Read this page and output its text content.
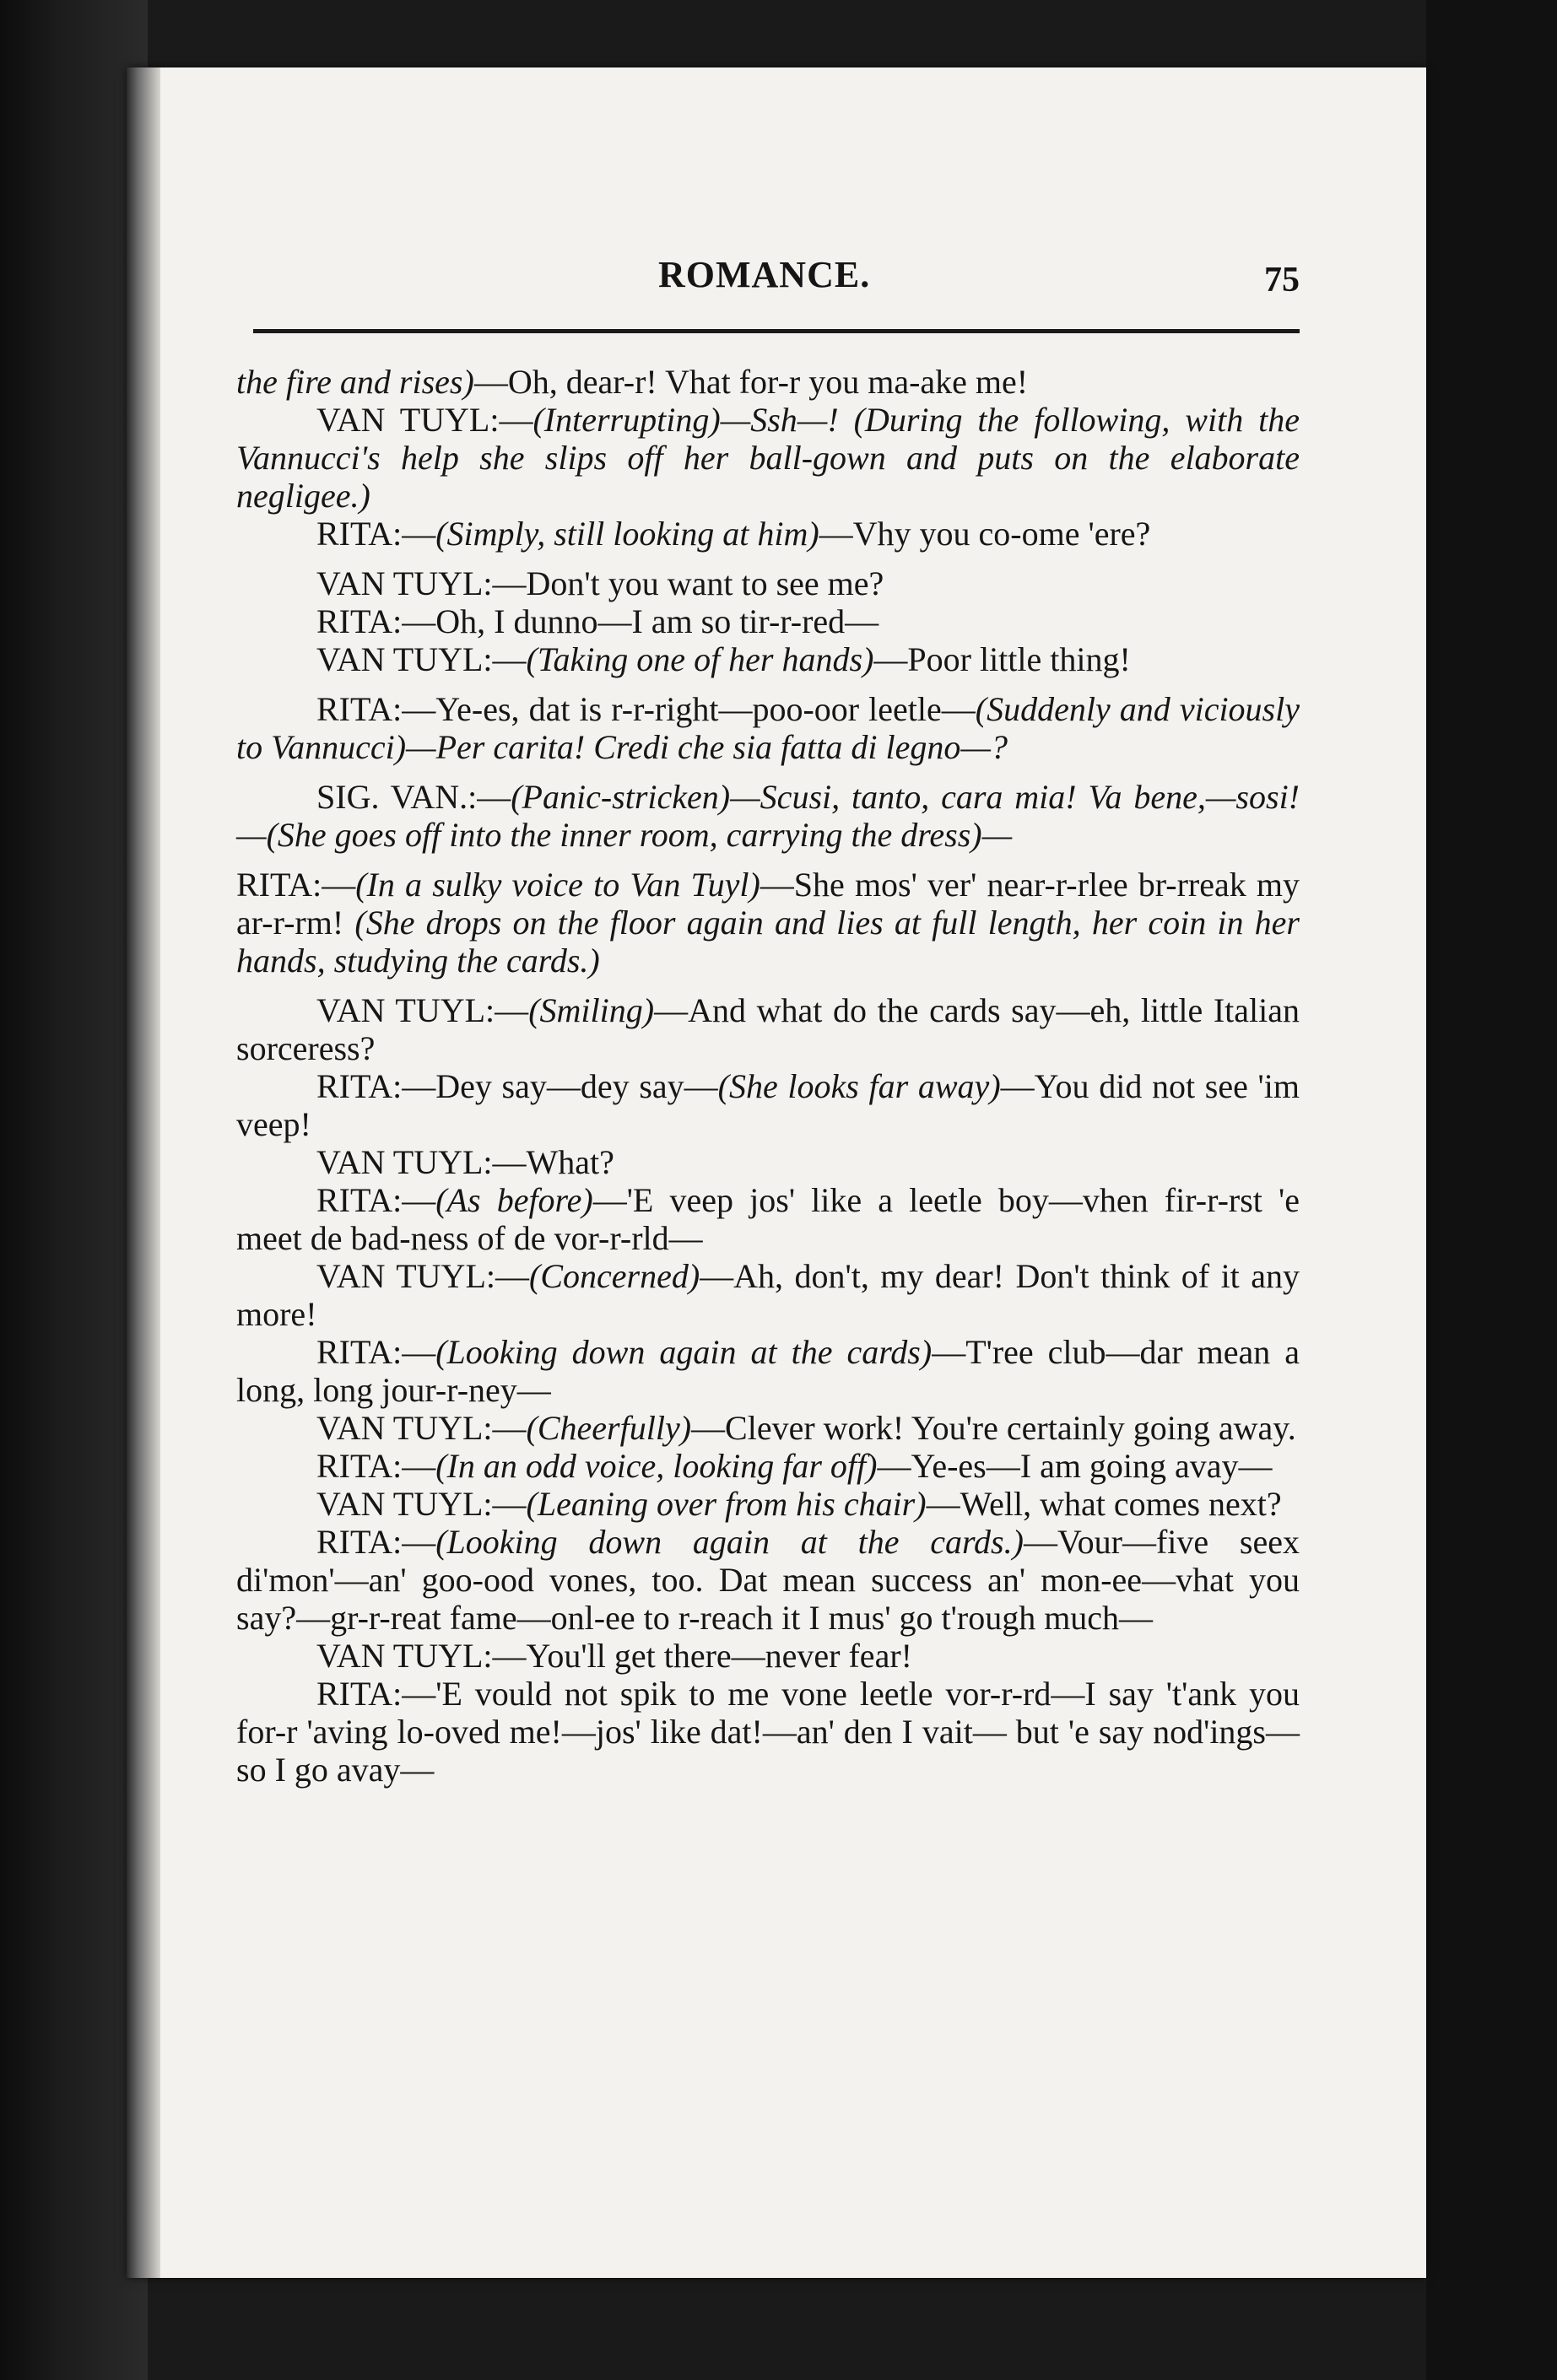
ROMANCE.	75

the fire and rises)—Oh, dear-r! Vhat for-r you ma-ake me!

VAN TUYL:—(Interrupting)—Ssh—! (During the following, with the Vannucci's help she slips off her ball-gown and puts on the elaborate negligee.)

RITA:—(Simply, still looking at him)—Vhy you co-ome 'ere?

VAN TUYL:—Don't you want to see me?

RITA:—Oh, I dunno—I am so tir-r-red—

VAN TUYL:—(Taking one of her hands)—Poor little thing!

RITA:—Ye-es, dat is r-r-right—poo-oor leetle—(Suddenly and viciously to Vannucci)—Per carita! Credi che sia fatta di legno—?

SIG. VAN.:—(Panic-stricken)—Scusi, tanto, cara mia! Va bene,—sosi!—(She goes off into the inner room, carrying the dress)—

RITA:—(In a sulky voice to Van Tuyl)—She mos' ver' near-r-rlee br-rreak my ar-r-rm! (She drops on the floor again and lies at full length, her coin in her hands, studying the cards.)

VAN TUYL:—(Smiling)—And what do the cards say—eh, little Italian sorceress?

RITA:—Dey say—dey say—(She looks far away)—You did not see 'im veep!

VAN TUYL:—What?

RITA:—(As before)—'E veep jos' like a leetle boy—vhen fir-r-rst 'e meet de bad-ness of de vor-r-rld—

VAN TUYL:—(Concerned)—Ah, don't, my dear! Don't think of it any more!

RITA:—(Looking down again at the cards)—T'ree club—dar mean a long, long jour-r-ney—

VAN TUYL:—(Cheerfully)—Clever work! You're certainly going away.

RITA:—(In an odd voice, looking far off)—Ye-es—I am going avay—

VAN TUYL:—(Leaning over from his chair)—Well, what comes next?

RITA:—(Looking down again at the cards.)—Vour—five seex di'mon'—an' goo-ood vones, too. Dat mean success an' mon-ee—vhat you say?—gr-r-reat fame—onl-ee to r-reach it I mus' go t'rough much—

VAN TUYL:—You'll get there—never fear!

RITA:—'E vould not spik to me vone leetle vor-r-rd—I say 't'ank you for-r 'aving lo-oved me!—jos' like dat!—an' den I vait— but 'e say nod'ings—so I go avay—
